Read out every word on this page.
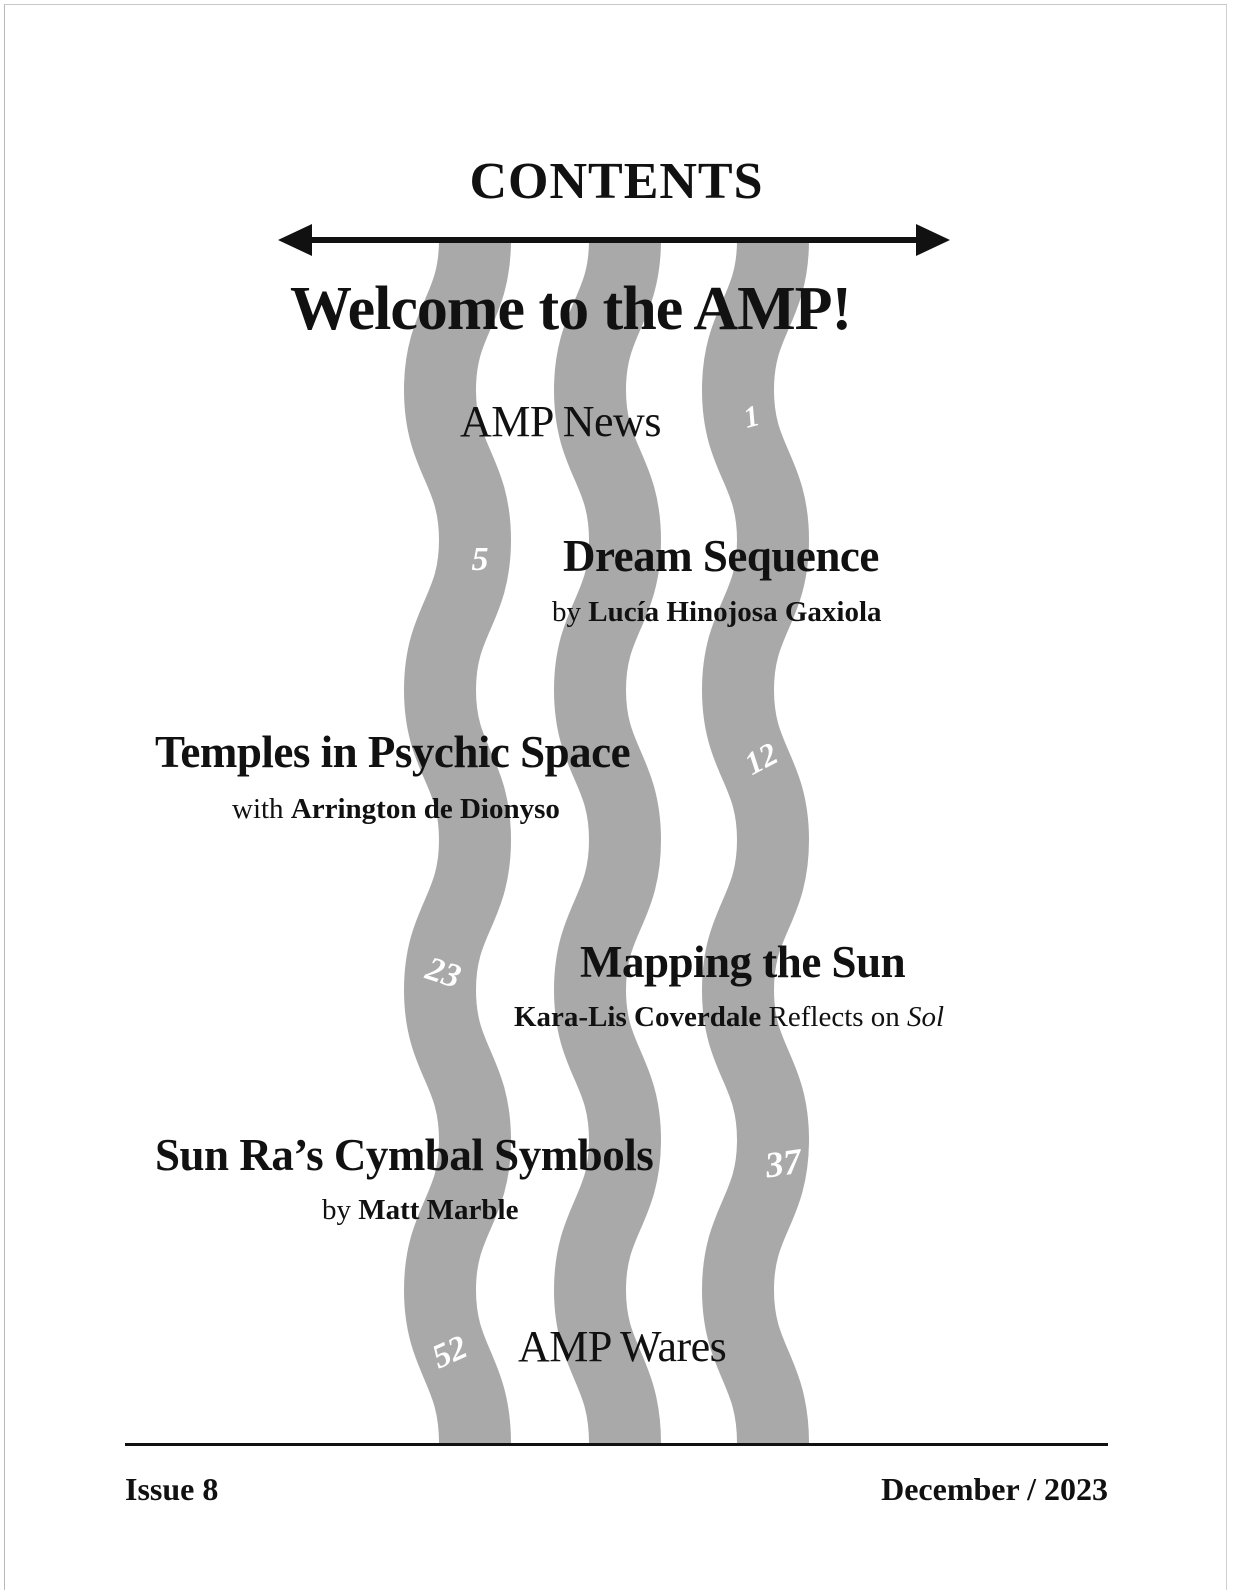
1
5
12
23
37
52
CONTENTS
Welcome to the AMP!
AMP News
Dream Sequence
by Lucía Hinojosa Gaxiola
Temples in Psychic Space
with Arrington de Dionyso
Mapping the Sun
Kara-Lis Coverdale Reflects on Sol
Sun Ra’s Cymbal Symbols
by Matt Marble
AMP Wares
Issue 8	December / 2023
